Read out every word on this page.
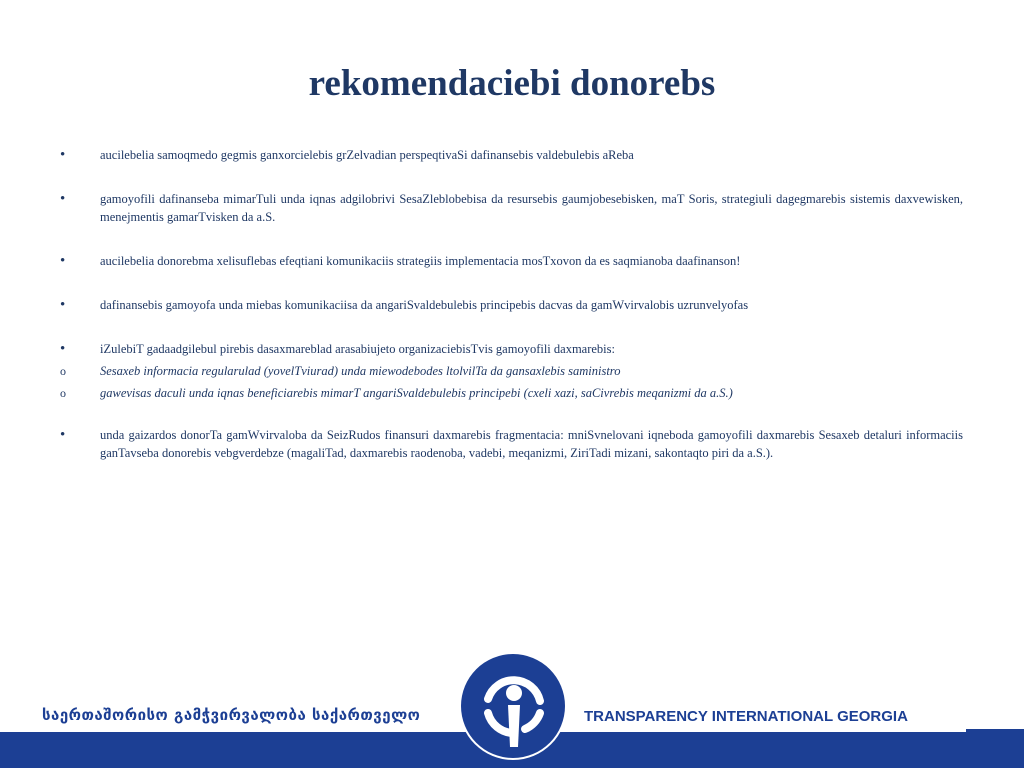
rekomendaciebi donorebs
•	aucilebelia samoqmedo gegmis ganxorcielebis grZelvadian perspeqtivaSi dafinansebis valdebulebis aReba
•	gamoyofili dafinanseba mimarTuli unda iqnas adgilobrivi SesaZleblobebisa da resursebis gaumjobesebisken, maT Soris, strategiuli dagegmarebis sistemis daxvewisken, menejmentis gamarTvisken da a.S.
•	aucilebelia donorebma xelisuflebas efeqtiani komunikaciis strategiis implementacia mosTxovon da es saqmianoba daafinanson!
•	dafinansebis gamoyofa unda miebas komunikaciisa da angariSvaldebulebis principebis dacvas da gamWvirvalobis uzrunvelyofas
•	iZulebiT gadaadgilebul pirebis dasaxmareblad arasabiujeto organizaciebisTvis gamoyofili daxmarebis:
o	Sesaxeb informacia regularulad (yovelTviurad) unda miewodebodes ltolvilTa da gansaxlebis saministro
o	gawevisas daculi unda iqnas beneficiarebis mimarT angariSvaldebulebis principebi (cxeli xazi, saCivrebis meqanizmi da a.S.)
•	unda gaizardos donorTa gamWvirvaloba da SeizRudos finansuri daxmarebis fragmentacia: mniSvnelovani iqneboda gamoyofili daxmarebis Sesaxeb detaluri informaciis ganTavseba donorebis vebgverdebze (magaliTad, daxmarebis raodenoba, vadebi, meqanizmi, ZiriTadi mizani, sakontaqto piri da a.S.).
საერთაშორისო გამჭვირვალობა საქართველო	TRANSPARENCY INTERNATIONAL GEORGIA
